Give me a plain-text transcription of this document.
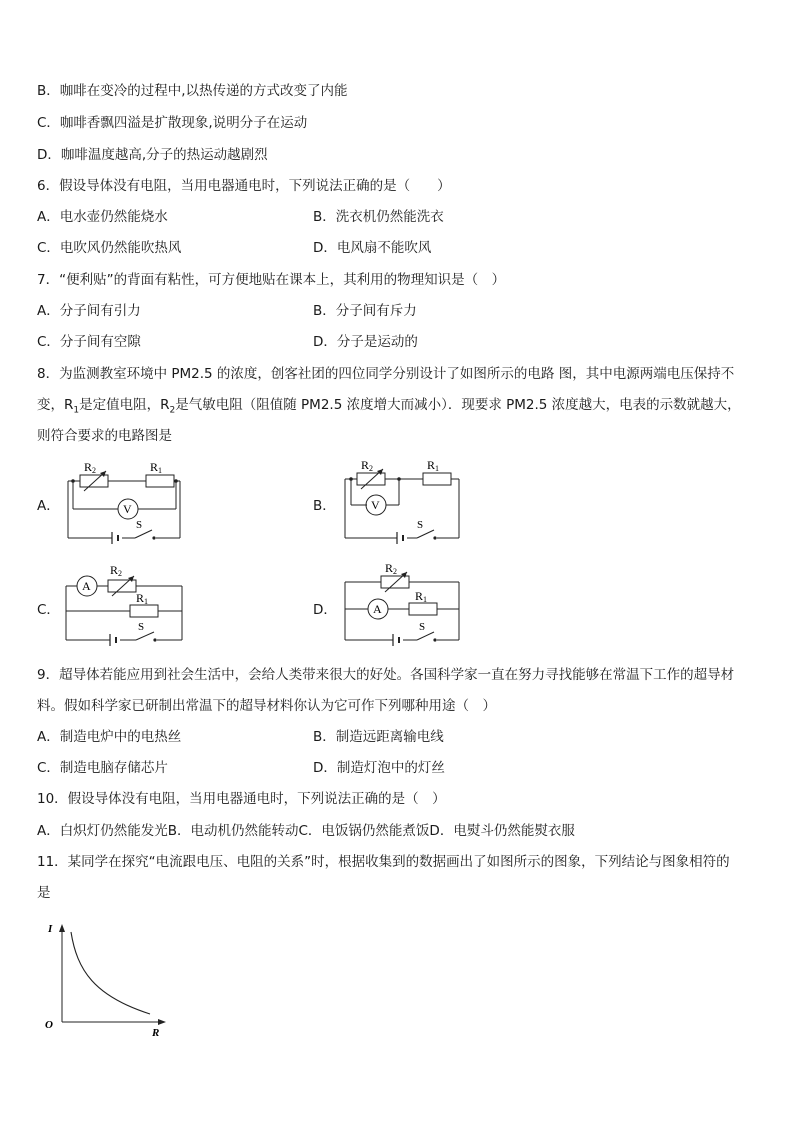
B．咖啡在变冷的过程中,以热传递的方式改变了内能
C．咖啡香飘四溢是扩散现象,说明分子在运动
D．咖啡温度越高,分子的热运动越剧烈
6．假设导体没有电阻，当用电器通电时，下列说法正确的是（　　）
A．电水壶仍然能烧水	B．洗衣机仍然能洗衣
C．电吹风仍然能吹热风	D．电风扇不能吹风
7．“便利贴”的背面有粘性，可方便地贴在课本上，其利用的物理知识是（　）
A．分子间有引力	B．分子间有斥力
C．分子间有空隙	D．分子是运动的
8．为监测教室环境中 PM2.5 的浓度，创客社团的四位同学分别设计了如图所示的电路 图，其中电源两端电压保持不
变，$R_1$是定值电阻，$R_2$是气敏电阻（阻值随 PM2.5 浓度增大而减小）．现要求 PM2.5 浓度越大，电表的示数就越大，
则符合要求的电路图是
A．	B．
C．	D．
R2	R1
V
S
R2	R1
V
S
A
R2
R1
S
R2
A
R1
S
9．超导体若能应用到社会生活中，会给人类带来很大的好处。各国科学家一直在努力寻找能够在常温下工作的超导材
料。假如科学家已研制出常温下的超导材料你认为它可作下列哪种用途（　）
A．制造电炉中的电热丝	B．制造远距离输电线
C．制造电脑存储芯片	D．制造灯泡中的灯丝
10．假设导体没有电阻，当用电器通电时，下列说法正确的是（　）
A．白炽灯仍然能发光B．电动机仍然能转动C．电饭锅仍然能煮饭D．电熨斗仍然能熨衣服
11．某同学在探究“电流跟电压、电阻的关系”时，根据收集到的数据画出了如图所示的图象，下列结论与图象相符的
是
I
R
O
